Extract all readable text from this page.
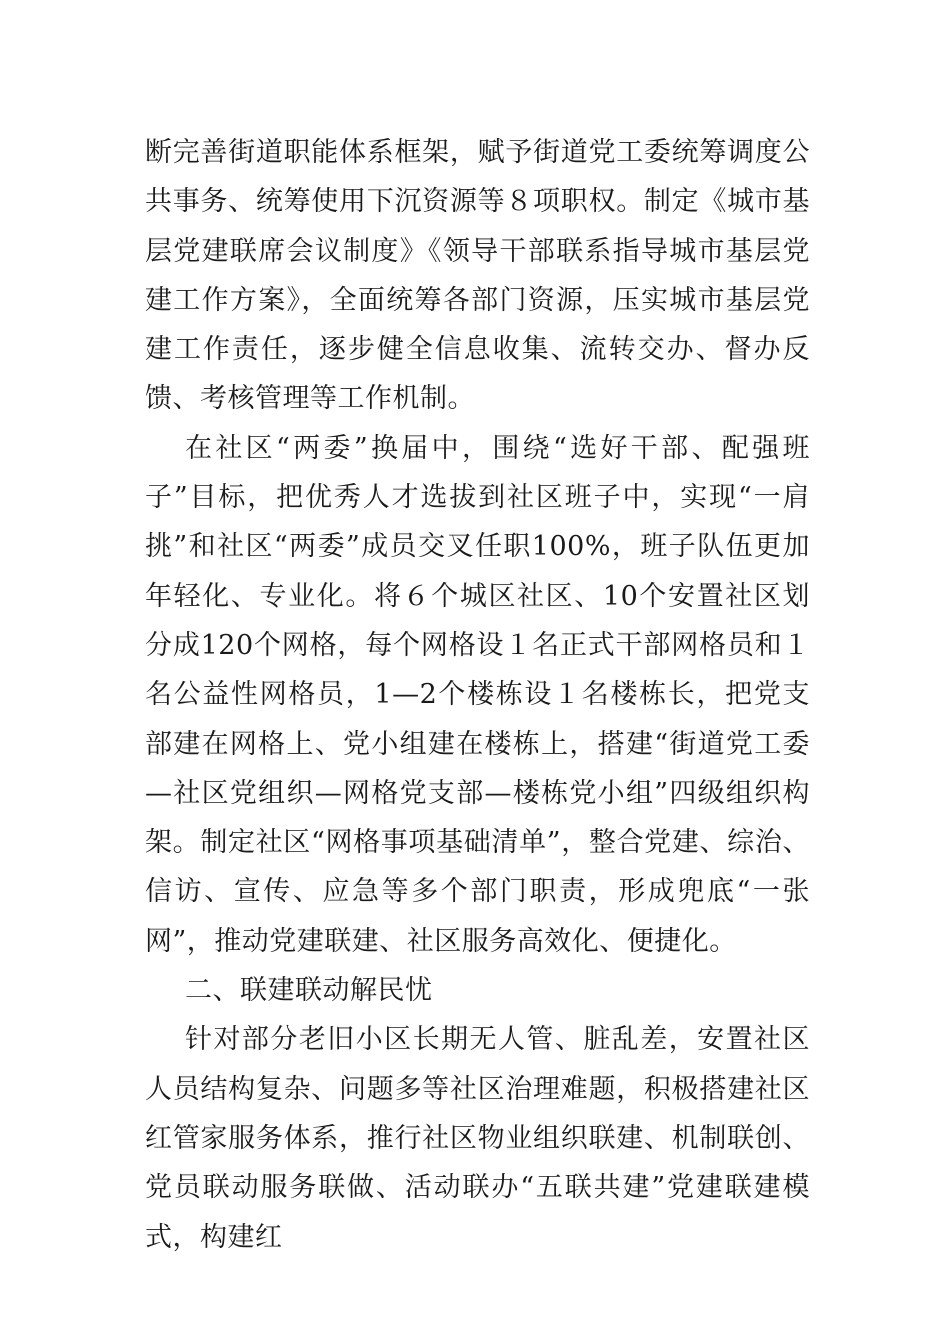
断完善街道职能体系框架，赋予街道党工委统筹调度公共事务、统筹使用下沉资源等８项职权。制定《城市基层党建联席会议制度》《领导干部联系指导城市基层党建工作方案》，全面统筹各部门资源，压实城市基层党建工作责任，逐步健全信息收集、流转交办、督办反馈、考核管理等工作机制。

在社区“两委”换届中，围绕“选好干部、配强班子”目标，把优秀人才选拔到社区班子中，实现“一肩挑”和社区“两委”成员交叉任职100%，班子队伍更加年轻化、专业化。将６个城区社区、10个安置社区划分成120个网格，每个网格设１名正式干部网格员和１名公益性网格员，1—2个楼栋设１名楼栋长，把党支部建在网格上、党小组建在楼栋上，搭建“街道党工委—社区党组织—网格党支部—楼栋党小组”四级组织构架。制定社区“网格事项基础清单”，整合党建、综治、信访、宣传、应急等多个部门职责，形成兜底“一张网”，推动党建联建、社区服务高效化、便捷化。

二、联建联动解民忧

针对部分老旧小区长期无人管、脏乱差，安置社区人员结构复杂、问题多等社区治理难题，积极搭建社区红管家服务体系，推行社区物业组织联建、机制联创、党员联动服务联做、活动联办“五联共建”党建联建模式，构建红
